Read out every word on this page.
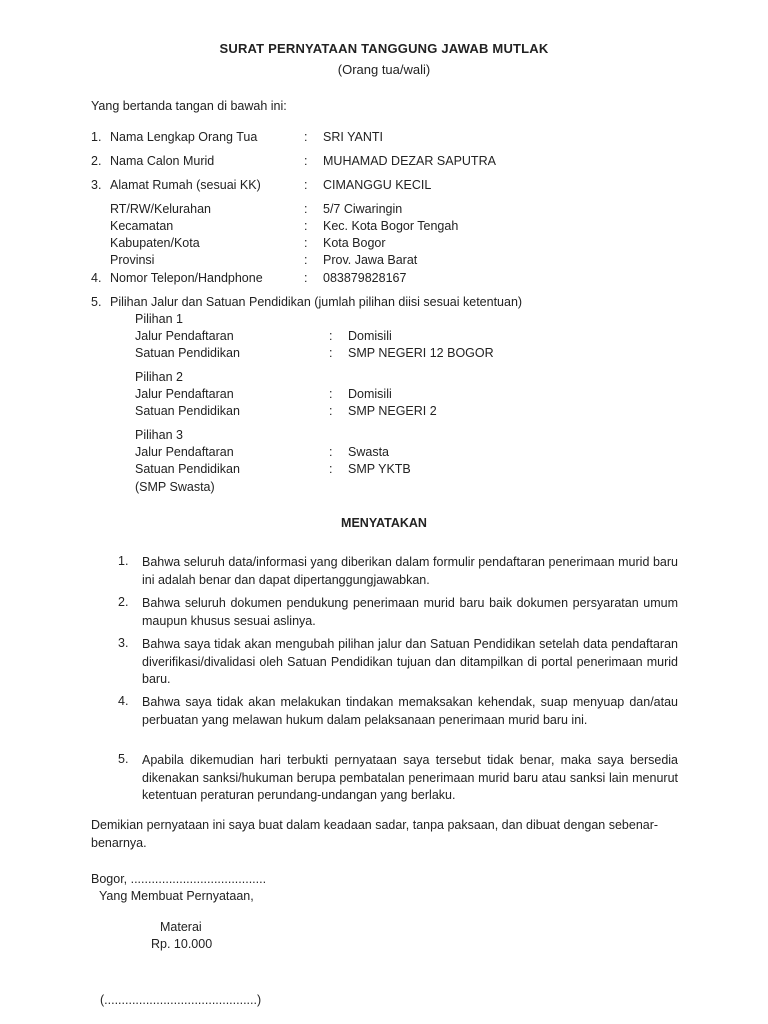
SURAT PERNYATAAN TANGGUNG JAWAB MUTLAK
(Orang tua/wali)
Yang bertanda tangan di bawah ini:
1. Nama Lengkap Orang Tua	: SRI YANTI
2. Nama Calon Murid	: MUHAMAD DEZAR SAPUTRA
3. Alamat Rumah (sesuai KK)	: CIMANGGU KECIL
RT/RW/Kelurahan	: 5/7 Ciwaringin
Kecamatan	: Kec. Kota Bogor Tengah
Kabupaten/Kota	: Kota Bogor
Provinsi	: Prov. Jawa Barat
4. Nomor Telepon/Handphone	: 083879828167
5. Pilihan Jalur dan Satuan Pendidikan (jumlah pilihan diisi sesuai ketentuan)
Pilihan 1
Jalur Pendaftaran	: Domisili
Satuan Pendidikan	: SMP NEGERI 12 BOGOR
Pilihan 2
Jalur Pendaftaran	: Domisili
Satuan Pendidikan	: SMP NEGERI 2
Pilihan 3
Jalur Pendaftaran	: Swasta
Satuan Pendidikan	: SMP YKTB
(SMP Swasta)
MENYATAKAN
1. Bahwa seluruh data/informasi yang diberikan dalam formulir pendaftaran penerimaan murid baru ini adalah benar dan dapat dipertanggungjawabkan.
2. Bahwa seluruh dokumen pendukung penerimaan murid baru baik dokumen persyaratan umum maupun khusus sesuai aslinya.
3. Bahwa saya tidak akan mengubah pilihan jalur dan Satuan Pendidikan setelah data pendaftaran diverifikasi/divalidasi oleh Satuan Pendidikan tujuan dan ditampilkan di portal penerimaan murid baru.
4. Bahwa saya tidak akan melakukan tindakan memaksakan kehendak, suap menyuap dan/atau perbuatan yang melawan hukum dalam pelaksanaan penerimaan murid baru ini.
5. Apabila dikemudian hari terbukti pernyataan saya tersebut tidak benar, maka saya bersedia dikenakan sanksi/hukuman berupa pembatalan penerimaan murid baru atau sanksi lain menurut ketentuan peraturan perundang-undangan yang berlaku.
Demikian pernyataan ini saya buat dalam keadaan sadar, tanpa paksaan, dan dibuat dengan sebenar-benarnya.
Bogor, .......................................
Yang Membuat Pernyataan,
Materai
Rp. 10.000
(............................................)
